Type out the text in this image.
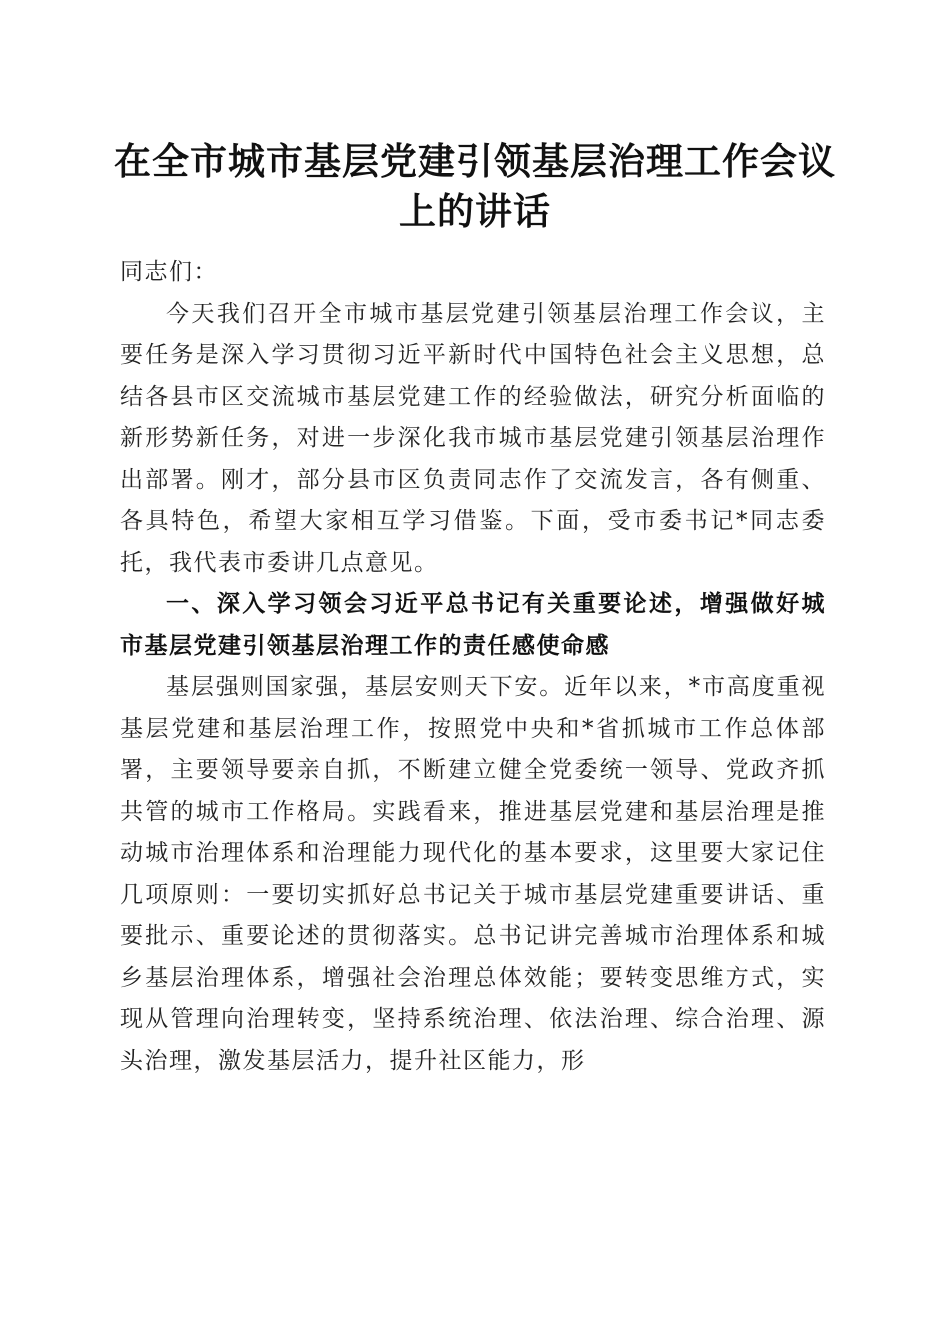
在全市城市基层党建引领基层治理工作会议上的讲话

同志们：

今天我们召开全市城市基层党建引领基层治理工作会议，主要任务是深入学习贯彻习近平新时代中国特色社会主义思想，总结各县市区交流城市基层党建工作的经验做法，研究分析面临的新形势新任务，对进一步深化我市城市基层党建引领基层治理作出部署。刚才，部分县市区负责同志作了交流发言，各有侧重、各具特色，希望大家相互学习借鉴。下面，受市委书记*同志委托，我代表市委讲几点意见。

一、深入学习领会习近平总书记有关重要论述，增强做好城市基层党建引领基层治理工作的责任感使命感

基层强则国家强，基层安则天下安。近年以来，*市高度重视基层党建和基层治理工作，按照党中央和*省抓城市工作总体部署，主要领导要亲自抓，不断建立健全党委统一领导、党政齐抓共管的城市工作格局。实践看来，推进基层党建和基层治理是推动城市治理体系和治理能力现代化的基本要求，这里要大家记住几项原则：一要切实抓好总书记关于城市基层党建重要讲话、重要批示、重要论述的贯彻落实。总书记讲完善城市治理体系和城乡基层治理体系，增强社会治理总体效能；要转变思维方式，实现从管理向治理转变，坚持系统治理、依法治理、综合治理、源头治理，激发基层活力，提升社区能力，形
